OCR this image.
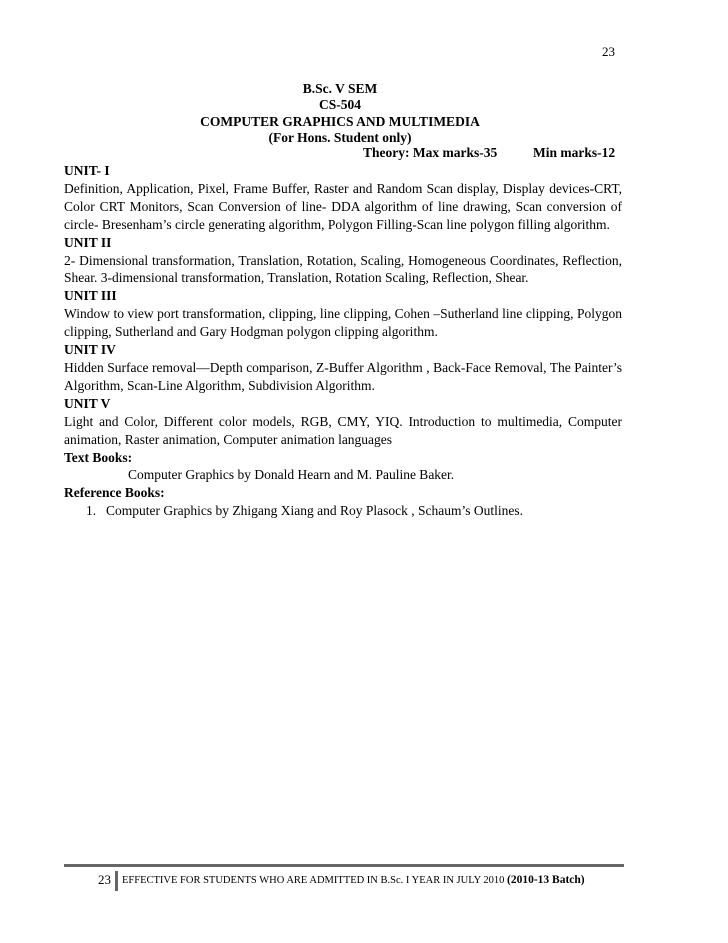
23
B.Sc. V SEM
CS-504
COMPUTER GRAPHICS AND MULTIMEDIA
(For Hons. Student only)
Theory: Max marks-35	Min marks-12

UNIT- I

Definition, Application, Pixel, Frame Buffer, Raster and Random Scan display, Display devices-CRT, Color CRT Monitors, Scan Conversion of line- DDA algorithm of line drawing, Scan conversion of circle- Bresenham’s circle generating algorithm, Polygon Filling-Scan line polygon filling algorithm.

UNIT II

2- Dimensional transformation, Translation, Rotation, Scaling, Homogeneous Coordinates, Reflection, Shear. 3-dimensional transformation, Translation, Rotation Scaling, Reflection, Shear.

UNIT III

Window to view port transformation, clipping, line clipping, Cohen –Sutherland line clipping, Polygon clipping, Sutherland and Gary Hodgman polygon clipping algorithm.

UNIT IV

Hidden Surface removal—Depth comparison, Z-Buffer Algorithm , Back-Face Removal, The Painter’s Algorithm, Scan-Line Algorithm, Subdivision Algorithm.

UNIT V

Light and Color, Different color models, RGB, CMY, YIQ. Introduction to multimedia, Computer animation, Raster animation, Computer animation languages

Text Books:

Computer Graphics by Donald Hearn and M. Pauline Baker.

Reference Books:

1. Computer Graphics by Zhigang Xiang and Roy Plasock , Schaum’s Outlines.
23 EFFECTIVE FOR STUDENTS WHO ARE ADMITTED IN B.Sc. I YEAR IN JULY 2010 (2010-13 Batch)
